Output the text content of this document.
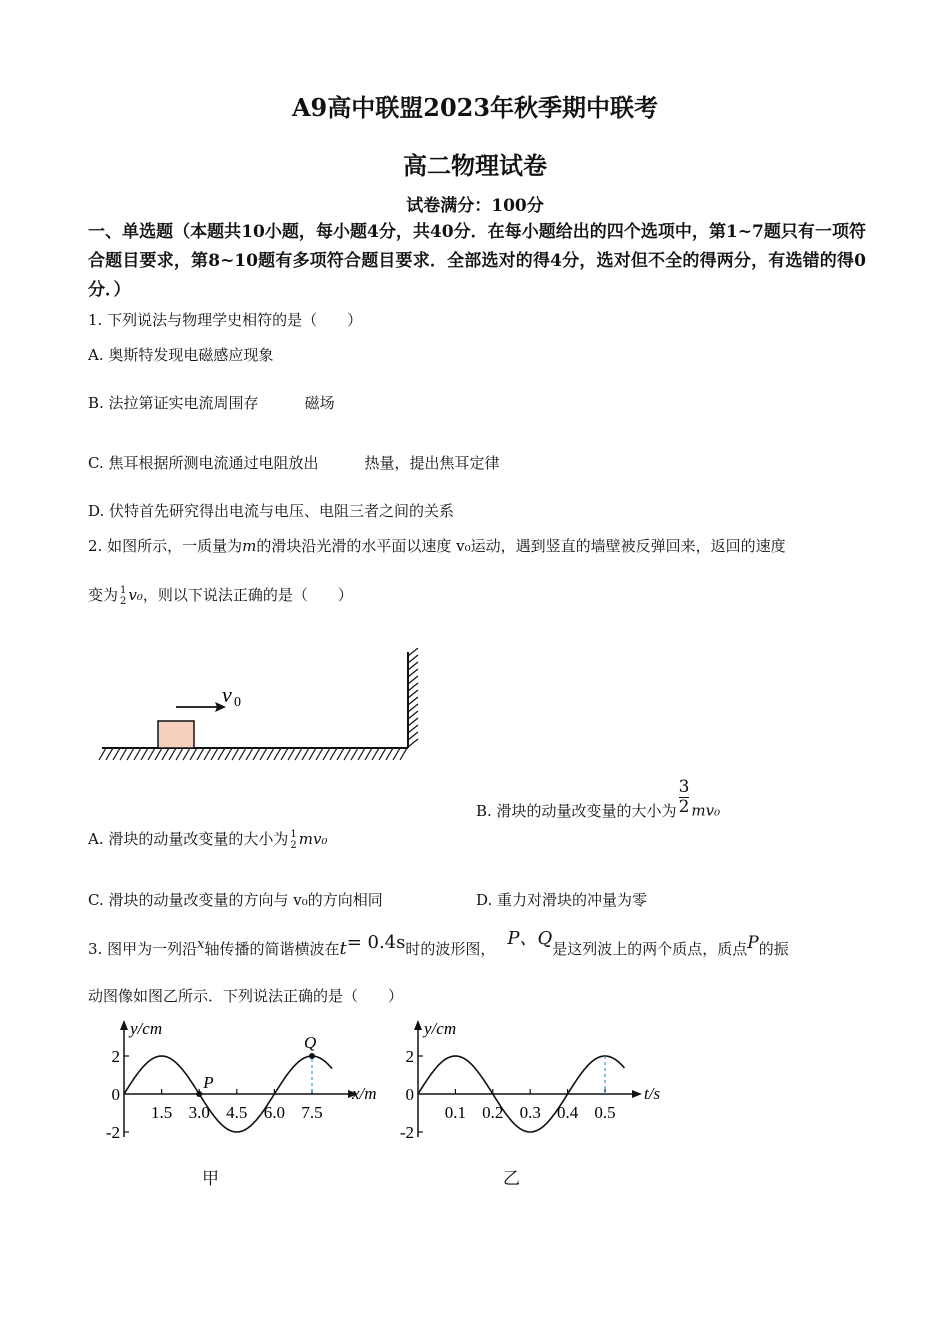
A9高中联盟2023年秋季期中联考
高二物理试卷
试卷满分：100分
一、单选题（本题共10小题，每小题4分，共40分．在每小题给出的四个选项中，第1~7题只有一项符合题目要求，第8~10题有多项符合题目要求．全部选对的得4分，选对但不全的得两分，有选错的得0分．）
1. 下列说法与物理学史相符的是（　　）
A. 奥斯特发现电磁感应现象
B. 法拉第证实电流周围存	磁场
C. 焦耳根据所测电流通过电阻放出	热量，提出焦耳定律
D. 伏特首先研究得出电流与电压、电阻三者之间的关系
2. 如图所示，一质量为m的滑块沿光滑的水平面以速度 v₀运动，遇到竖直的墙壁被反弹回来，返回的速度
变为 1
2 v₀，则以下说法正确的是（　　）
v 0
A. 滑块的动量改变量的大小为 1
2 mv₀
B. 滑块的动量改变量的大小为 $\frac{3}{2} mv_0$
C. 滑块的动量改变量的方向与 v₀的方向相同	D. 重力对滑块的冲量为零
3. 图甲为一列沿$^x$轴传播的简谐横波在t= 0.4s时的波形图， P、Q是这列波上的两个质点，质点P的振
动图像如图乙所示．下列说法正确的是（　　）
y/cm
x/m
2
0
-2
1.5 3.0 4.5 6.0 7.5
P
Q
甲
y/cm
t/s
2
0
-2
0.1 0.2 0.3 0.4 0.5
乙
